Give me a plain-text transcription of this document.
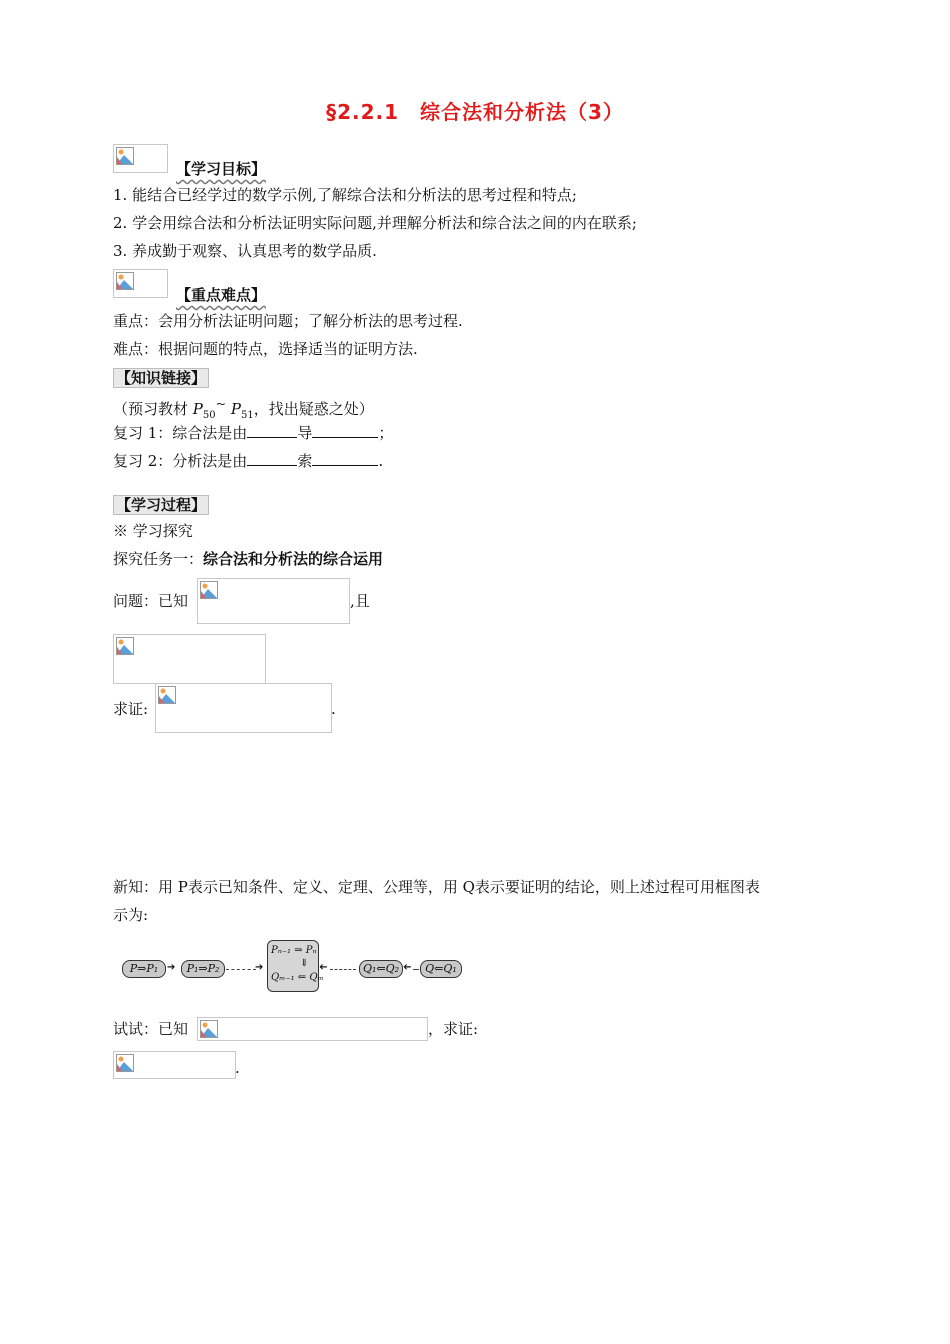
§2.2.1　综合法和分析法（3）
【学习目标】
1. 能结合已经学过的数学示例,了解综合法和分析法的思考过程和特点;
2. 学会用综合法和分析法证明实际问题,并理解分析法和综合法之间的内在联系;
3. 养成勤于观察、认真思考的数学品质.
【重点难点】
重点：会用分析法证明问题；了解分析法的思考过程.
难点：根据问题的特点，选择适当的证明方法.
【知识链接】
（预习教材 $P_{50}^\sim$ $P_{51}$，找出疑惑之处）
复习 1：综合法是由	导	；
复习 2：分析法是由	索	.
【学习过程】
※ 学习探究
探究任务一：综合法和分析法的综合运用
问题：已知	,且
求证:	.
新知：用 P表示已知条件、定义、定理、公理等，用 Q表示要证明的结论，则上述过程可用框图表
示为:
P⇒P₁ ➔	P₁⇒P₂	➔
Pₙ₋₁ ⇒ Pₙ
⇓
Qₘ₋₁ ⇐ Qₘ
➔	Q₁⇐Q₂ ➔	Q⇐Q₁
试试：已知	，求证:
.
